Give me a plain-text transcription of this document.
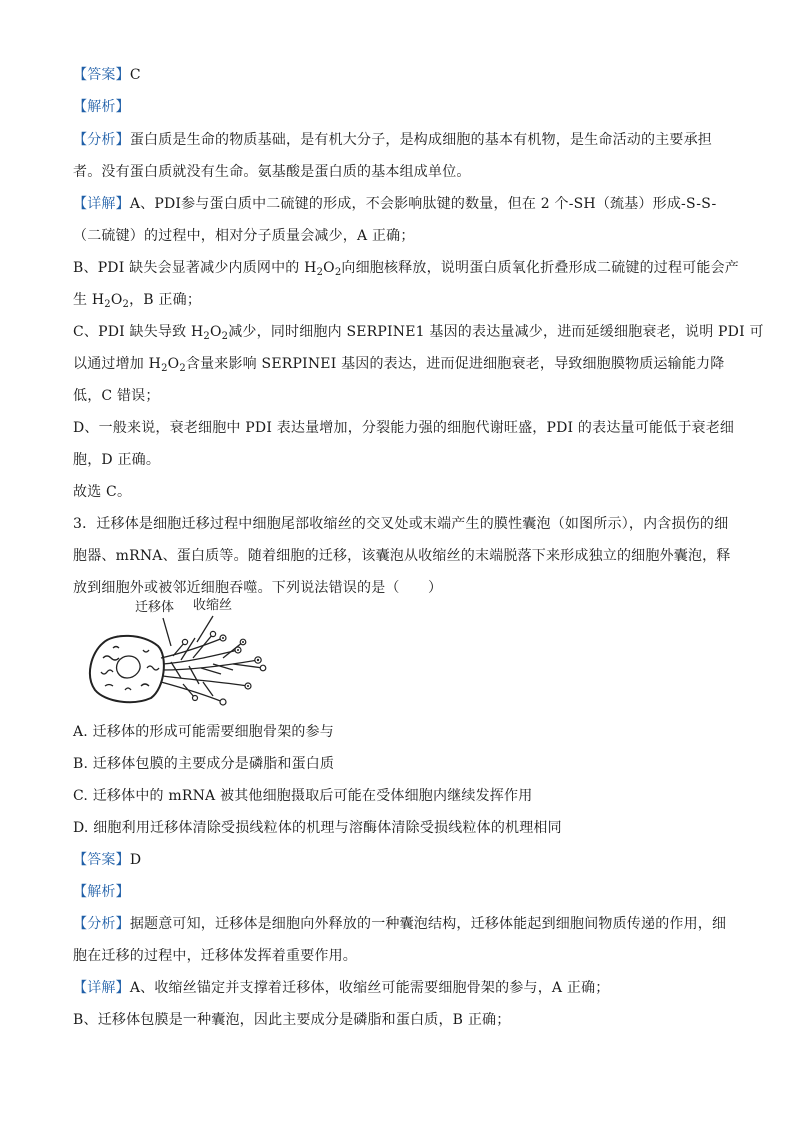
【答案】C
【解析】
【分析】蛋白质是生命的物质基础，是有机大分子，是构成细胞的基本有机物，是生命活动的主要承担
者。没有蛋白质就没有生命。氨基酸是蛋白质的基本组成单位。
【详解】A、PDI参与蛋白质中二硫键的形成，不会影响肽键的数量，但在 2 个-SH（巯基）形成-S-S-
（二硫键）的过程中，相对分子质量会减少，A 正确；
B、PDI 缺失会显著减少内质网中的 $H_2O_2$向细胞核释放，说明蛋白质氧化折叠形成二硫键的过程可能会产
生 $H_2O_2$，B 正确；
C、PDI 缺失导致 $H_2O_2$减少，同时细胞内 SERPINE1 基因的表达量减少，进而延缓细胞衰老，说明 PDI 可
以通过增加 $H_2O_2$含量来影响 SERPINEI 基因的表达，进而促进细胞衰老，导致细胞膜物质运输能力降
低，C 错误；
D、一般来说，衰老细胞中 PDI 表达量增加，分裂能力强的细胞代谢旺盛，PDI 的表达量可能低于衰老细
胞，D 正确。
故选 C。
3．迁移体是细胞迁移过程中细胞尾部收缩丝的交叉处或末端产生的膜性囊泡（如图所示），内含损伤的细
胞器、mRNA、蛋白质等。随着细胞的迁移，该囊泡从收缩丝的末端脱落下来形成独立的细胞外囊泡，释
放到细胞外或被邻近细胞吞噬。下列说法错误的是（　　）
迁移体 收缩丝
A. 迁移体的形成可能需要细胞骨架的参与
B. 迁移体包膜的主要成分是磷脂和蛋白质
C. 迁移体中的 mRNA 被其他细胞摄取后可能在受体细胞内继续发挥作用
D. 细胞利用迁移体清除受损线粒体的机理与溶酶体清除受损线粒体的机理相同
【答案】D
【解析】
【分析】据题意可知，迁移体是细胞向外释放的一种囊泡结构，迁移体能起到细胞间物质传递的作用，细
胞在迁移的过程中，迁移体发挥着重要作用。
【详解】A、收缩丝锚定并支撑着迁移体，收缩丝可能需要细胞骨架的参与，A 正确；
B、迁移体包膜是一种囊泡，因此主要成分是磷脂和蛋白质，B 正确；
